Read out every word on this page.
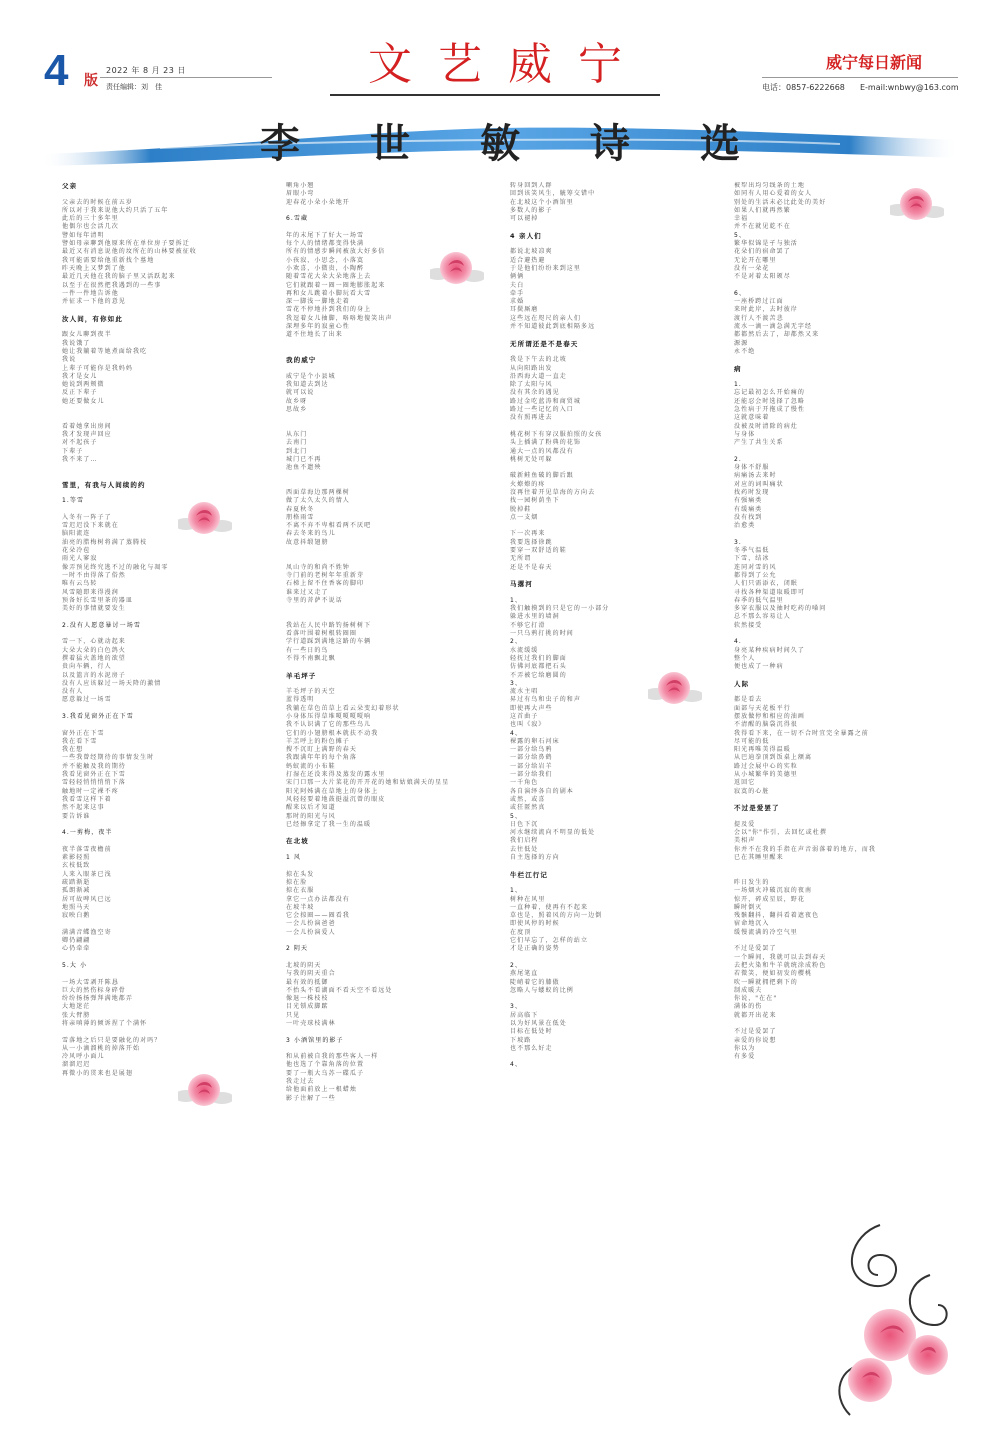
4 版
2022 年 8 月 23 日
责任编辑：刘　佳	文艺威宁	威宁每日新闻
电话：0857-6222668 E-mail:wnbwy@163.com
李世敏诗选
父亲
父亲去的时候在前五岁
所以对于我来说他大约只活了五年
此后的三十多年里
他偶尔也会活几次
譬如每年清明
譬如母亲聊到他原来所在单位房子要拆迁
最近又有消息说他的坟所在的山林要被征收
我可能需要给他重新找个墓地
昨天晚上又梦到了他
最近几天他在我的脑子里又活跃起来
以至于在很然把我遇到的一些事
一件一件地告诉他
并征求一下他的意见
汝人间，有你如此
跟女儿聊到夜半
我说饿了
她让我躺着等她煮面给我吃
我说
上辈子可能你是我妈妈
我才是女儿
她说到两颊微
反正下辈子
她还要做女儿
看着她拿出房间
我才发现声回应
对不起孩子
下辈子
我不来了…
雪里，有我与人间续的约
1.等雪
入冬有一阵子了
雪迟迟没下来就在
脑阳流连
油亮的腊梅树将满了蒸腾枝
花朵冷苞
雨光人寥寂
像弄预见终究逃不过的融化与凋零
一时不由得落了俗然
唯有云鸟转
风雪随即来得漫润
预备好长雪里茶的器皿
美好的事情就要发生
2.没有人愿意暴讨一场雪
雪一下，心就动起来
大朵大朵的白色鸽火
撰着猛火盖地的欲望
贵向车辆，行人
以及篮言的水泥房子
没有人应该躲过一场天降的激情
没有人
愿意躲过一场雪
3.我看见窗外正在下雪
窗外正在下雪
我在看下雪
我在想
一些我曾经期待的事情发生时
并不能触及我的期待
我看见窗外正在下雪
雪轻轻悄悄悄悄下落
触地时一定裸不疼
我看雪这样下着
然不起来这事
要告诉谁
4.一剪梅，夜半
夜半落雪夜檐前
素影轻照
玄枝低致
人来入眼茶已浅
疏踏渐逝
孤朗渐减
居可故啤风已远
地照马天
寂映白鹅
满满音蝶渔空寄
卿仍翩翩
心仍牵牵
5.大 小
一场大雪剥开陈恳
巨大的然伤标身碎骨
纷纷扬扬弹拜满地都弄
大地迷茫
张大臂膀
将亲嗔薄的倾诉捏了个满怀
雪落地之后只是要融化的对吗？
从一小滴溜桃的掉落开始
冷风呼小面儿
溜溜迟迟
再微小的贯来也是展翅
喇角小翘
眉眼小弯
迎春花小朵小朵地开
6.雪藏
年的末尾下了好大一场雪
每个人的情绪都变得快满
所有的情感步瞬间被放大好多倍
小孩寂，小思念，小落寞
小欢喜，小微贵，小陶醉
随着雪花大朵大朵地落上去
它们就跟着一圈一圈地膨胀起来
再和女儿跳着小脚玩看大雪
深一脚浅一脚地走着
雪花不停地扑到我们的身上
我逗着女儿抽脚，咯咯地傻笑出声
深埋多年的寂童心性
道不住地长了出来
我的威宁
威宁是个小县城
我知道去到达
就可以说
故乡呀
思故乡
从东门
去南门
到北门
城门已不再
池鱼不遗殃
西面草海边那两棵树
做了太久太久的情人
春夏秋冬
朋格雨雪
不离不弃不卑相看两不厌吧
春去冬来的鸟儿
故意抖缎翅膀
凤山寺的和尚不姓钟
寺门前的老树年年重新芽
石梯上留不住香客的脚印
谁来过又走了
寺里的菩萨不说话
我站在人民中路钓扬树树下
看落叶围着树根转圈圈
学行道踩到满地这路的车辆
有一些日的鸟
不得不南飘北飘
羊毛坪子
羊毛坪子的天空
蓝得透明
我躺在草色茁草上看云朵变幻着形状
小身体压得草堆嗄嗄嗄嗄响
我不认识满了它的那些鸟儿
它们的小翅膀根本就扶不动我
羊羔呼上的粉色摊子
搜不沉盯上满野的春天
我跟满年年的每个角落
蚂蚁流的小布鞋
打湿在还没来得及蒸发的露水里
宋门口那一大片菜花的开开花的她和姑娘满天的星星
阳光阿姊满在草地上的身体上
风轻轻要着地鼓挺溢沉曾的眼皮
醒来以后才知道
那时的阳光与风
已经擦拿定了我一生的温暖
在北坡
1 风
掠在头发
掠在脸
掠在衣服
拿它一点办法都没有
在坡半坡
它会掠圈——圈看我
一会儿扮演爸爸
一会儿扮演爱人
2 阴天
北坡的阴天
与我的阴天重合
最有效的抵御
不抬头不看湖面不看天空不看远处
像退一株枝枝
目光锁成脚踮
只见
一叶壳球枝满林
3 小酒馆里的影子
和从前被自我的那些客人一样
他也选了个靠角落的位置
要了一瓶大乌苏一碟瓜子
我走过去
给他面前放上一根蜡烛
影子注解了一些
转身回到人群
回到该笑风生，觥筹交错中
在北坡这个小酒馆里
多数人的影子
可以褪掉
4 亲人们
都说北坡凉爽
适合避热避
于是他们纷纷来到这里
俩俩
夫白
牵手
求婚
耳鬓厮磨
这些远在咫尺的亲人们
并不知道彼此到底相隔多远
无所谓还是不是春天
我是下午去的北坡
从向阳路出发
沿西海大道一直走
除了太阳与风
没有其余的遇见
路过金吃蓝涛和商贸城
路过一些记忆的入口
没有照再进去
桃花树下有穿汉服拍照的女孩
头上插满了粉典的花饰
通大一点的风都没有
桃树无处可躲
破新鲑鱼破的脚后跟
火燎燎的疼
沒再往着开见草海的方向去
找一园树荫坐下
脱掉鞋
点一支烟
下一次再来
我要选择徐跳
要穿一双舒适的鞋
无所谓
还是不是春天
马撂河
1、
我们触摸到的只是它的一小部分
躲进水里的墙洞
不够它打滑
一只乌鸦打挑的时间
2、
水流缓缓
轻抚过我们的脚面
仿佛河底都把石头
不弄被它给磨圆的
3、
流水主唱
昇过有鸟和虫子的和声
即使再大声些
这首曲子
也叫《寂》
4、
裸露的卵石河床
一部分给鸟鸦
一部分给鼻鹤
一部分给岩羊
一部分给我们
一千角色
各自演绎各自的剧本
或然，或喜
或狂匿然真
5、
日色下沉
河水继续流向不明显的低处
我们启程
去往低处
自主选择的方向
牛栏江行记
1、
树种在风里
一直种着，使再有不起来
草也是，照着风的方向一边倒
即使风停的时候
在度顶
它们早忘了，怎样的站立
才是正确的姿势
2、
燕尾笔直
陡峭着它的膝傲
忽略人与蝼蚁的比例
3、
居高临下
以为好风景在低处
目标在低处时
下坡路
也不那么好走
4、
被犁出均匀线条的土地
如同有人用心爱着的女人
别处的生活未必比此处的美好
如果人们就再然繁
幸福
并不在就见乾不在
5、
繁华似锦是孑与独活
花朵们的宿命罢了
无论开在哪里
没有一朵花
不是对着太阳颁尽
6、
一座桥跨过江面
来时此岸，去时彼岸
渡行人不渡苦悲
流水一滴一滴急满无字经
都都然后去了，却都然又来
源源
永不绝
病
1.
忘记最初怎么开始痛的
还能忍会时选择了忽略
急性病于开拖成了慢性
这就意味着
没被及时清除的病灶
与身体
产生了共生关系
2.
身体不舒服
病痛汤去来时
对应的词叫痛状
找药时发现
有强痛类
有缓痛类
没有找到
治愈类
3.
冬季气温低
下雪，结冰
连同对雪的风
都得到了公允
人们只需添衣，闭眠
寻找各种渠道取暖即可
春季的低气温里
多穿衣服以及抽时吃药的嗓问
总不那么容易让人
软然接受
4.
身亮某种疾病时间久了
整个人
便也成了一种病
人际
都是看去
面部与天花板平行
摆放做停和相应的油画
不清醒的脑袋沉得很
我得看下来，在一切不合时宜完全暴露之前
尽可能的低
阳光再唯美得温暖
从巴迪拳顶到饭桌上额离
路过会展中心的实粒
从小城繁华的美德里
返回它
寂寞的心脏
不过是爱罢了
提及爱
会以"你"作引，去回忆或杜撰
美相声
你并不在我的手指在声音弱落着的地方，而我
已在其睡里醒来
昨日发生的
一场烟火冲破沉寂的夜南
惊开，碎成星辰，野花
瞬时倒灭
残骸翻抖，翻抖看着遮夜色
宿命地沉入
缓慢流满的冷空气里
不过是爱罢了
一个瞬间，我就可以去到春天
去把火染和牛羊就统涂成粉色
若微笑，便如初发的樱桃
吹一瞬就拥把剩下的
制成暖夫
你说，"在在"
满体的伤
就都开出花来
不过是爱罢了
亲爱的你说想
你以为
有多爱
